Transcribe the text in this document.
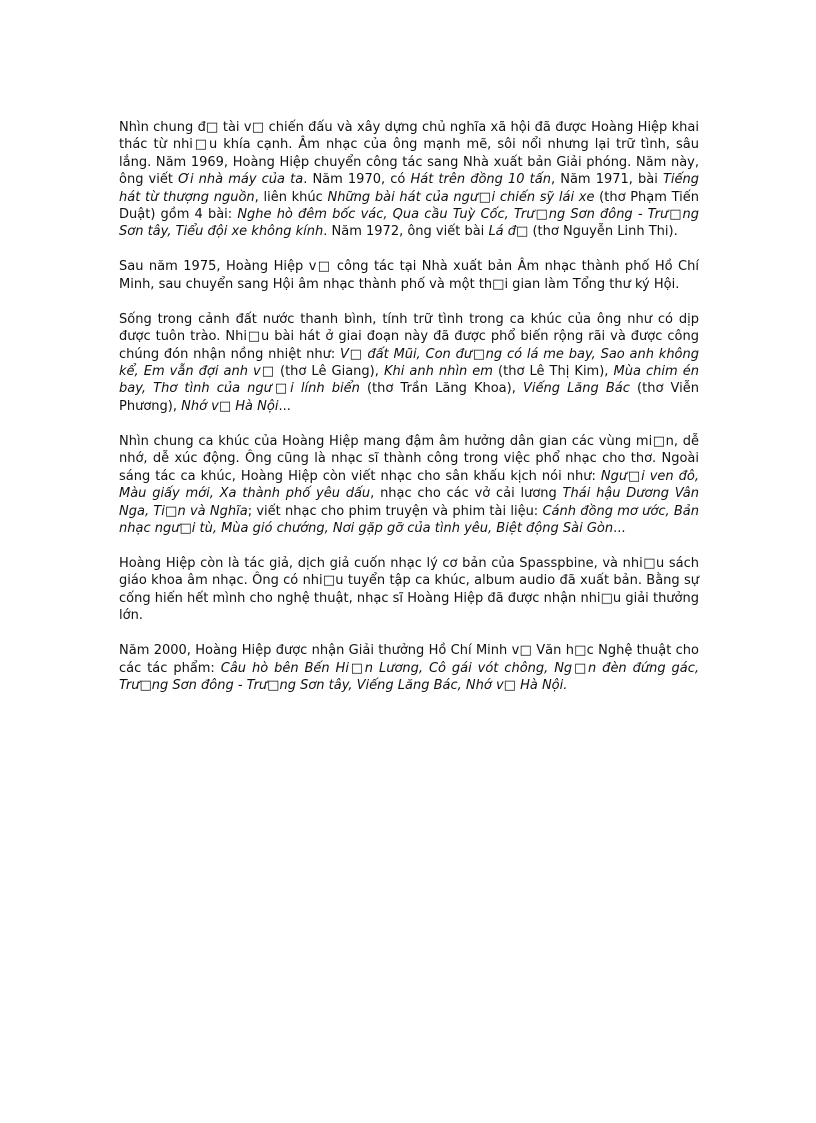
Nhìn chung đ□ tài v□ chiến đấu và xây dựng chủ nghĩa xã hội đã được Hoàng Hiệp khai thác từ nhi□u khía cạnh. Âm nhạc của ông mạnh mẽ, sôi nổi nhưng lại trữ tình, sâu lắng. Năm 1969, Hoàng Hiệp chuyển công tác sang Nhà xuất bản Giải phóng. Năm này, ông viết Ơi nhà máy của ta. Năm 1970, có Hát trên đồng 10 tấn, Năm 1971, bài Tiếng hát từ thượng nguồn, liên khúc Những bài hát của ngư□i chiến sỹ lái xe (thơ Phạm Tiến Duật) gồm 4 bài: Nghe hò đêm bốc vác, Qua cầu Tuỳ Cốc, Trư□ng Sơn đông - Trư□ng Sơn tây, Tiểu đội xe không kính. Năm 1972, ông viết bài Lá đ□ (thơ Nguyễn Linh Thi).

Sau năm 1975, Hoàng Hiệp v□ công tác tại Nhà xuất bản Âm nhạc thành phố Hồ Chí Minh, sau chuyển sang Hội âm nhạc thành phố và một th□i gian làm Tổng thư ký Hội.

Sống trong cảnh đất nước thanh bình, tính trữ tình trong ca khúc của ông như có dịp được tuôn trào. Nhi□u bài hát ở giai đoạn này đã được phổ biến rộng rãi và được công chúng đón nhận nồng nhiệt như: V□ đất Mũi, Con đư□ng có lá me bay, Sao anh không kể, Em vẫn đợi anh v□ (thơ Lê Giang), Khi anh nhìn em (thơ Lê Thị Kim), Mùa chim én bay, Thơ tình của ngư□i lính biển (thơ Trần Lăng Khoa), Viếng Lăng Bác (thơ Viễn Phương), Nhớ v□ Hà Nội...

Nhìn chung ca khúc của Hoàng Hiệp mang đậm âm hưởng dân gian các vùng mi□n, dễ nhớ, dễ xúc động. Ông cũng là nhạc sĩ thành công trong việc phổ nhạc cho thơ. Ngoài sáng tác ca khúc, Hoàng Hiệp còn viết nhạc cho sân khấu kịch nói như: Ngư□i ven đô, Màu giấy mới, Xa thành phố yêu dấu, nhạc cho các vở cải lương Thái hậu Dương Vân Nga, Ti□n và Nghĩa; viết nhạc cho phim truyện và phim tài liệu: Cánh đồng mơ ước, Bản nhạc ngư□i tù, Mùa gió chướng, Nơi gặp gỡ của tình yêu, Biệt động Sài Gòn...

Hoàng Hiệp còn là tác giả, dịch giả cuốn nhạc lý cơ bản của Spasspbine, và nhi□u sách giáo khoa âm nhạc. Ông có nhi□u tuyển tập ca khúc, album audio đã xuất bản. Bằng sự cống hiến hết mình cho nghệ thuật, nhạc sĩ Hoàng Hiệp đã được nhận nhi□u giải thưởng lớn.

Năm 2000, Hoàng Hiệp được nhận Giải thưởng Hồ Chí Minh v□ Văn h□c Nghệ thuật cho các tác phẩm: Câu hò bên Bến Hi□n Lương, Cô gái vót chông, Ng□n đèn đứng gác, Trư□ng Sơn đông - Trư□ng Sơn tây, Viếng Lăng Bác, Nhớ v□ Hà Nội.
